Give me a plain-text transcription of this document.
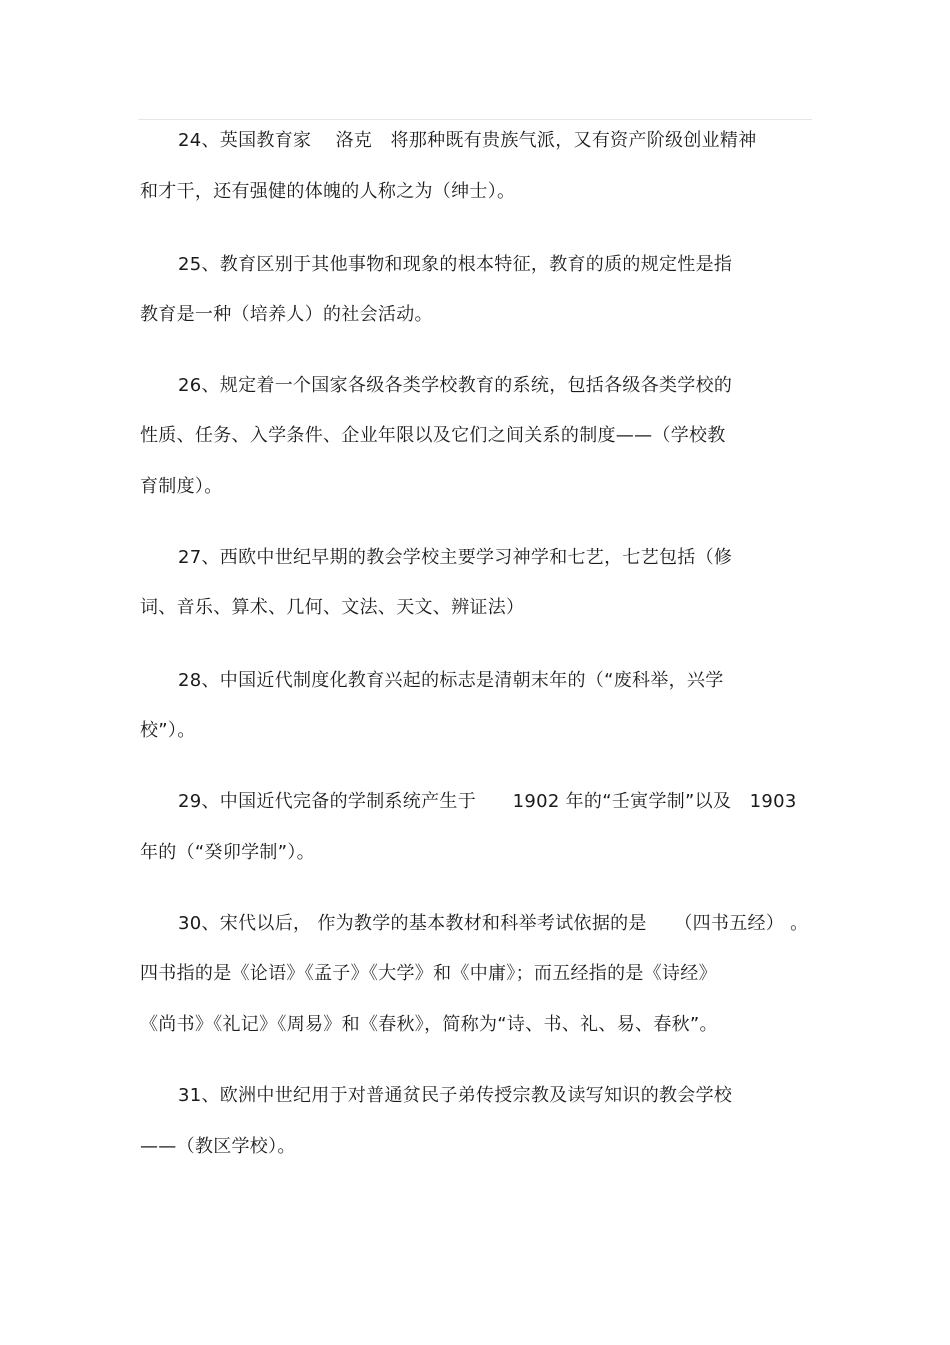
24、英国教育家　 洛克　将那种既有贵族气派，又有资产阶级创业精神
和才干，还有强健的体魄的人称之为（绅士）。
25、教育区别于其他事物和现象的根本特征，教育的质的规定性是指
教育是一种（培养人）的社会活动。
26、规定着一个国家各级各类学校教育的系统，包括各级各类学校的
性质、任务、入学条件、企业年限以及它们之间关系的制度——（学校教
育制度）。
27、西欧中世纪早期的教会学校主要学习神学和七艺，七艺包括（修
词、音乐、算术、几何、文法、天文、辨证法）
28、中国近代制度化教育兴起的标志是清朝末年的（“废科举，兴学
校”）。
29、中国近代完备的学制系统产生于　　1902 年的“壬寅学制”以及　1903
年的（“癸卯学制”）。
30、宋代以后， 作为教学的基本教材和科举考试依据的是　　（四书五经） 。
四书指的是《论语》《孟子》《大学》和《中庸》；而五经指的是《诗经》
《尚书》《礼记》《周易》和《春秋》，简称为“诗、书、礼、易、春秋”。
31、欧洲中世纪用于对普通贫民子弟传授宗教及读写知识的教会学校
——（教区学校）。
